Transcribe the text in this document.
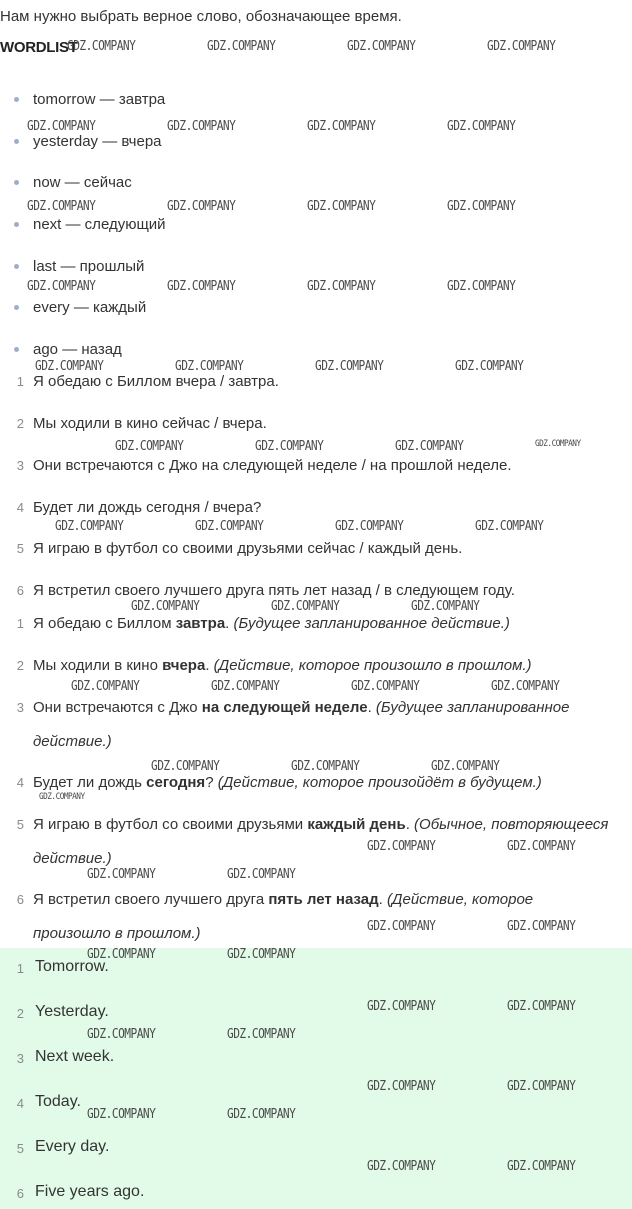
Нам нужно выбрать верное слово, обозначающее время.
WORDLIST
tomorrow — завтра
yesterday — вчера
now — сейчас
next — следующий
last — прошлый
every — каждый
ago — назад
1 Я обедаю с Биллом вчера / завтра.
2 Мы ходили в кино сейчас / вчера.
3 Они встречаются с Джо на следующей неделе / на прошлой неделе.
4 Будет ли дождь сегодня / вчера?
5 Я играю в футбол со своими друзьями сейчас / каждый день.
6 Я встретил своего лучшего друга пять лет назад / в следующем году.
1 Я обедаю с Биллом завтра. (Будущее запланированное действие.)
2 Мы ходили в кино вчера. (Действие, которое произошло в прошлом.)
3 Они встречаются с Джо на следующей неделе. (Будущее запланированное действие.)
4 Будет ли дождь сегодня? (Действие, которое произойдёт в будущем.)
5 Я играю в футбол со своими друзьями каждый день. (Обычное, повторяющееся действие.)
6 Я встретил своего лучшего друга пять лет назад. (Действие, которое произошло в прошлом.)
1 Tomorrow.
2 Yesterday.
3 Next week.
4 Today.
5 Every day.
6 Five years ago.
GDZ.COMPANY	GDZ.COMPANY	GDZ.COMPANY	GDZ.COMPANY
GDZ.COMPANY	GDZ.COMPANY	GDZ.COMPANY	GDZ.COMPANY
GDZ.COMPANY	GDZ.COMPANY	GDZ.COMPANY	GDZ.COMPANY
GDZ.COMPANY	GDZ.COMPANY	GDZ.COMPANY	GDZ.COMPANY
GDZ.COMPANY	GDZ.COMPANY	GDZ.COMPANY	GDZ.COMPANY
GDZ.COMPANY	GDZ.COMPANY	GDZ.COMPANY	GDZ.COMPANY
GDZ.COMPANY	GDZ.COMPANY	GDZ.COMPANY	GDZ.COMPANY
GDZ.COMPANY	GDZ.COMPANY	GDZ.COMPANY
GDZ.COMPANY	GDZ.COMPANY	GDZ.COMPANY	GDZ.COMPANY
GDZ.COMPANY	GDZ.COMPANY	GDZ.COMPANY
GDZ.COMPANY
GDZ.COMPANY	GDZ.COMPANY
GDZ.COMPANY	GDZ.COMPANY
GDZ.COMPANY	GDZ.COMPANY
GDZ.COMPANY	GDZ.COMPANY
GDZ.COMPANY	GDZ.COMPANY
GDZ.COMPANY	GDZ.COMPANY
GDZ.COMPANY	GDZ.COMPANY
GDZ.COMPANY	GDZ.COMPANY
GDZ.COMPANY	GDZ.COMPANY
